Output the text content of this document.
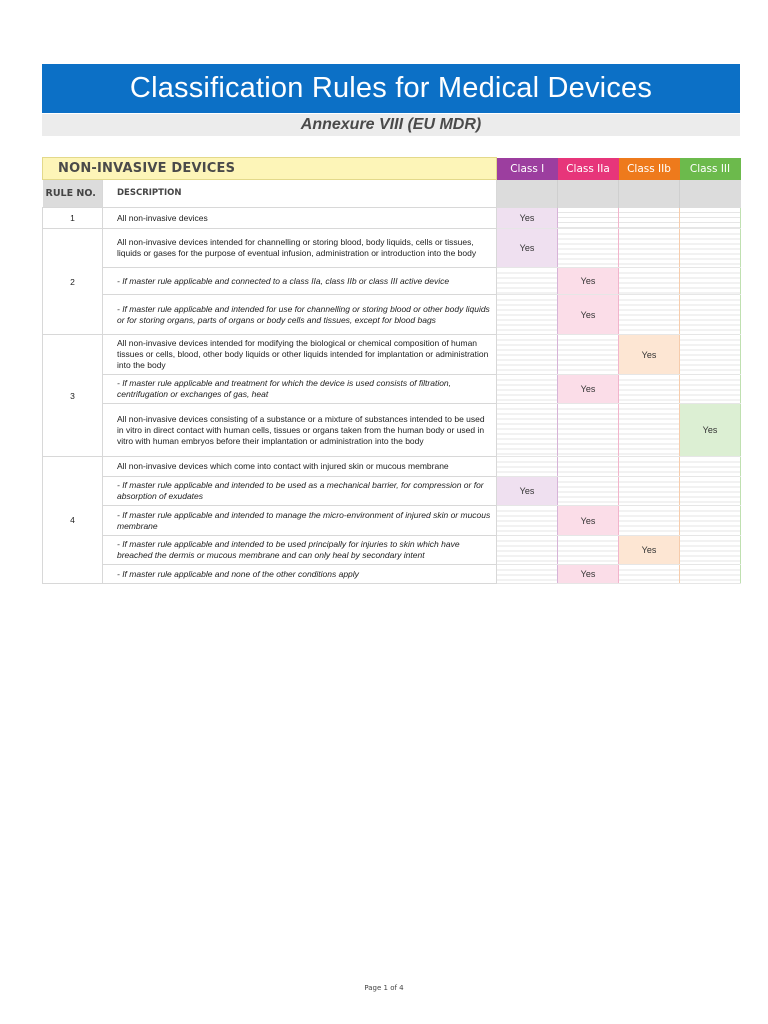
Classification Rules for Medical Devices
Annexure VIII (EU MDR)
NON-INVASIVE DEVICES		Class I	Class IIa	Class IIb	Class III
RULE NO.	DESCRIPTION				
1	All non-invasive devices	Yes			
2	All non-invasive devices intended for channelling or storing blood, body liquids, cells or tissues, liquids or gases for the purpose of eventual infusion, administration or introduction into the body	Yes			
	- If master rule applicable and connected to a class IIa, class IIb or class III active device		Yes		
	- If master rule applicable and intended for use for channelling or storing blood or other body liquids or for storing organs, parts of organs or body cells and tissues, except for blood bags		Yes		
3	All non-invasive devices intended for modifying the biological or chemical composition of human tissues or cells, blood, other body liquids or other liquids intended for implantation or administration into the body			Yes	
	- If master rule applicable and treatment for which the device is used consists of filtration, centrifugation or exchanges of gas, heat		Yes		
	All non-invasive devices consisting of a substance or a mixture of substances intended to be used in vitro in direct contact with human cells, tissues or organs taken from the human body or used in vitro with human embryos before their implantation or administration into the body				Yes
4	All non-invasive devices which come into contact with injured skin or mucous membrane				
	- If master rule applicable and intended to be used as a mechanical barrier, for compression or for absorption of exudates	Yes			
	- If master rule applicable and intended to manage the micro-environment of injured skin or mucous membrane		Yes		
	- If master rule applicable and intended to be used principally for injuries to skin which have breached the dermis or mucous membrane and can only heal by secondary intent			Yes	
	- If master rule applicable and none of the other conditions apply		Yes		
Page 1 of 4
